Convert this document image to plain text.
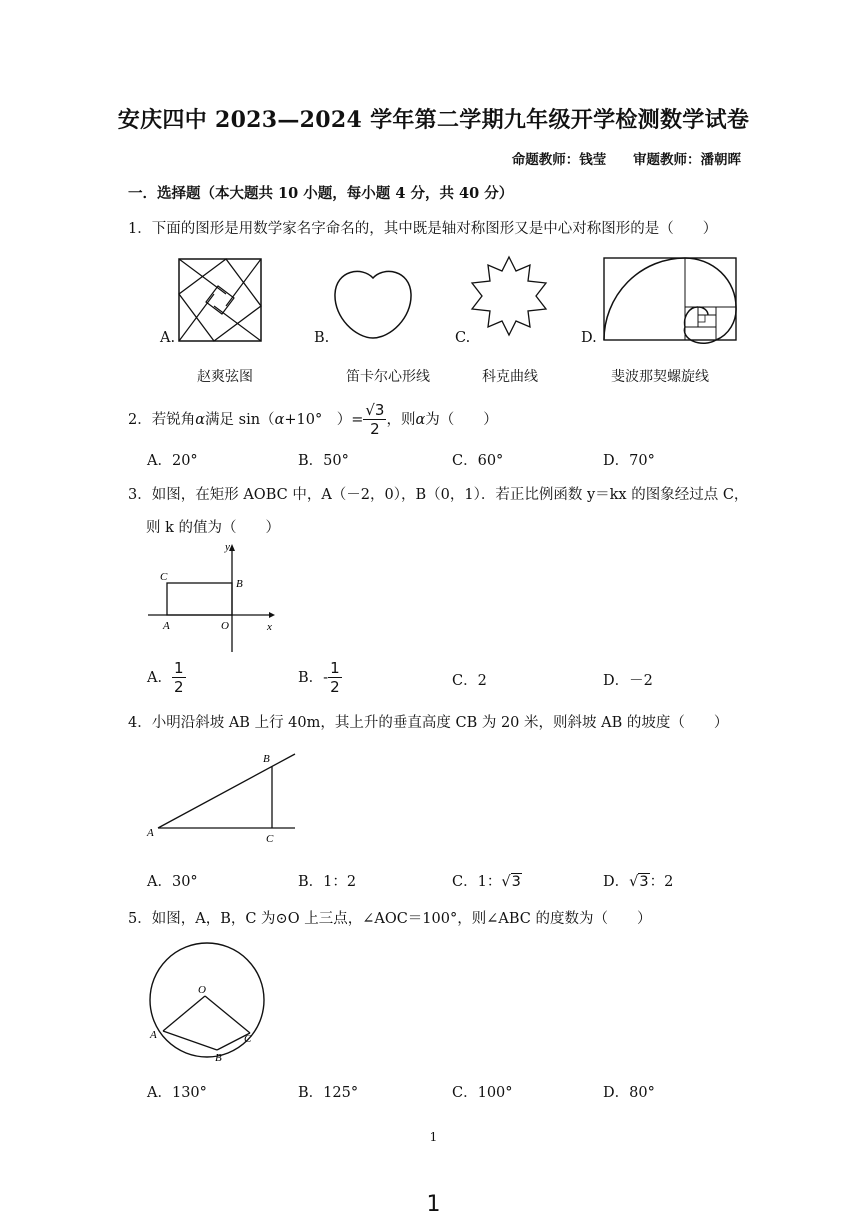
安庆四中 2023—2024 学年第二学期九年级开学检测数学试卷
命题教师：钱莹 审题教师：潘朝晖
一．选择题（本大题共 10 小题，每小题 4 分，共 40 分）
1．下面的图形是用数学家名字命名的，其中既是轴对称图形又是中心对称图形的是（　　）
A.
赵爽弦图
B.
笛卡尔心形线
C.
科克曲线
D.
斐波那契螺旋线
2．若锐角α满足 sin（α+10°　）= $\frac{√3}{2}$ ，则α为（　　）
A．20°	B．50°	C．60°	D．70°
3．如图，在矩形 AOBC 中，A（－2，0），B（0，1）．若正比例函数 y＝kx 的图象经过点 C，
则 k 的值为（　　）
y
x
C
B
A	O
A． $\frac{1}{2}$	B．- $\frac{1}{2}$	C．2	D．－2
4．小明沿斜坡 AB 上行 40m，其上升的垂直高度 CB 为 20 米，则斜坡 AB 的坡度（　　）
A
B
C
A．30°	B．1：2	C．1：√3	D．√3：2
5．如图，A，B，C 为⊙O 上三点，∠AOC＝100°，则∠ABC 的度数为（　　）
O
A
B
C
A．130°	B．125°	C．100°	D．80°
1
1
